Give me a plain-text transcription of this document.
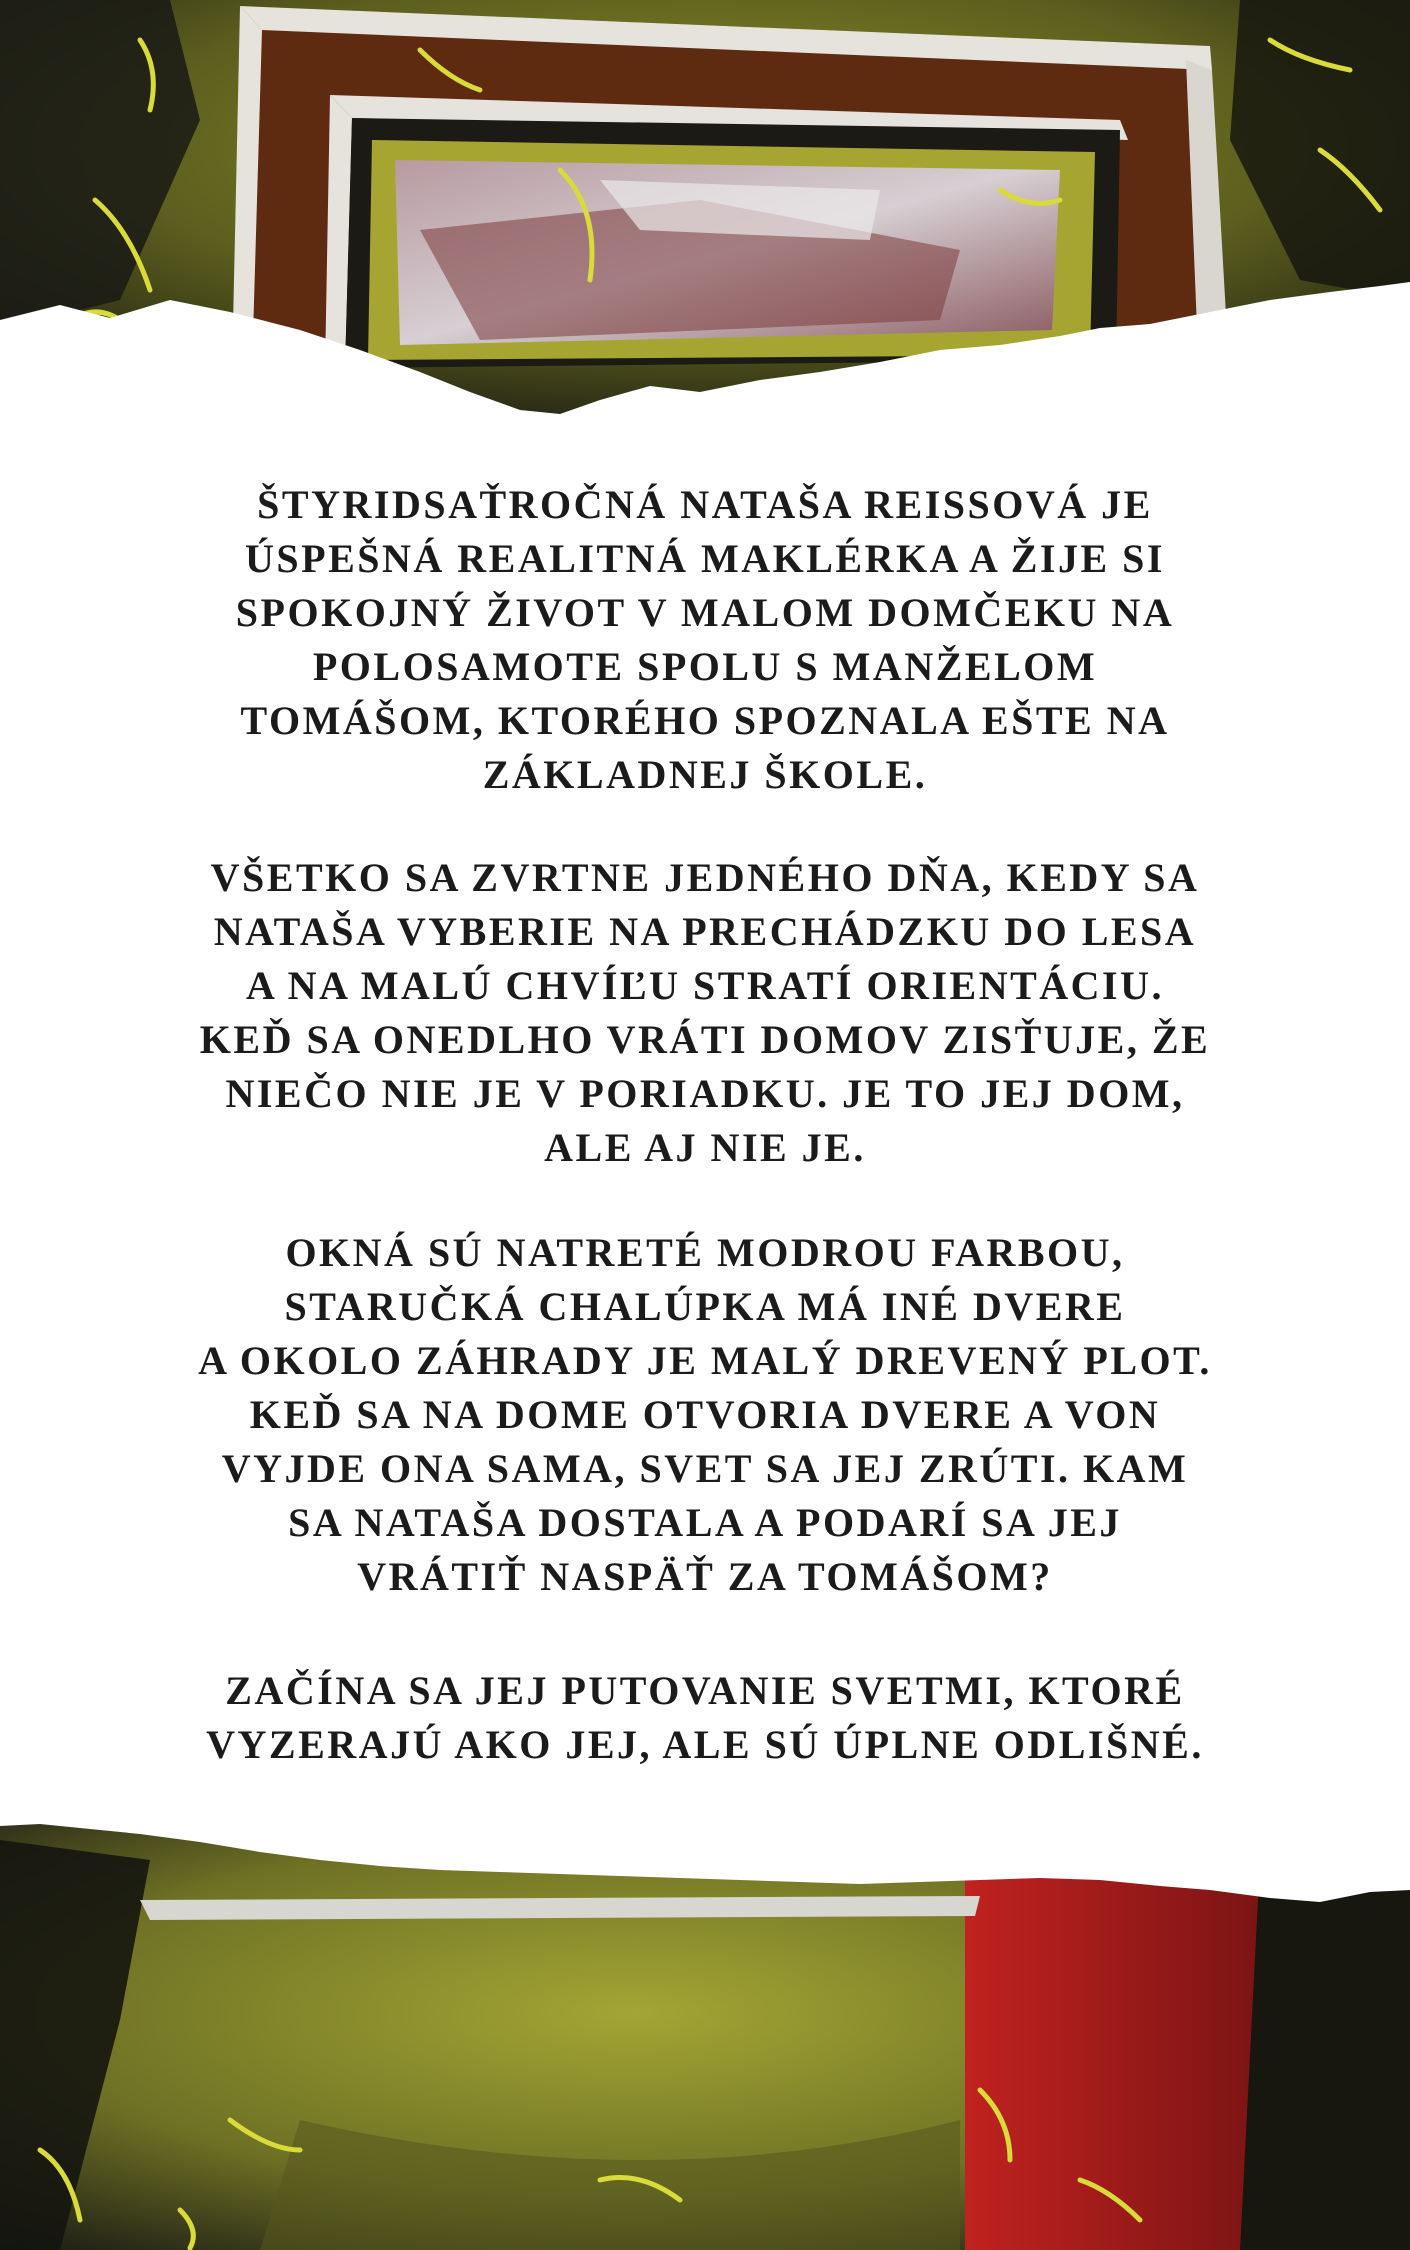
ŠTYRIDSAŤROČNÁ NATAŠA REISSOVÁ JE
ÚSPEŠNÁ REALITNÁ MAKLÉRKA A ŽIJE SI
SPOKOJNÝ ŽIVOT V MALOM DOMČEKU NA
POLOSAMOTE SPOLU S MANŽELOM
TOMÁŠOM, KTORÉHO SPOZNALA EŠTE NA
ZÁKLADNEJ ŠKOLE.

VŠETKO SA ZVRTNE JEDNÉHO DŇA, KEDY SA
NATAŠA VYBERIE NA PRECHÁDZKU DO LESA
A NA MALÚ CHVÍĽU STRATÍ ORIENTÁCIU.
KEĎ SA ONEDLHO VRÁTI DOMOV ZISŤUJE, ŽE
NIEČO NIE JE V PORIADKU. JE TO JEJ DOM,
ALE AJ NIE JE.

OKNÁ SÚ NATRETÉ MODROU FARBOU,
STARUČKÁ CHALÚPKA MÁ INÉ DVERE
A OKOLO ZÁHRADY JE MALÝ DREVENÝ PLOT.
KEĎ SA NA DOME OTVORIA DVERE A VON
VYJDE ONA SAMA, SVET SA JEJ ZRÚTI. KAM
SA NATAŠA DOSTALA A PODARÍ SA JEJ
VRÁTIŤ NASPÄŤ ZA TOMÁŠOM?

ZAČÍNA SA JEJ PUTOVANIE SVETMI, KTORÉ
VYZERAJÚ AKO JEJ, ALE SÚ ÚPLNE ODLIŠNÉ.
